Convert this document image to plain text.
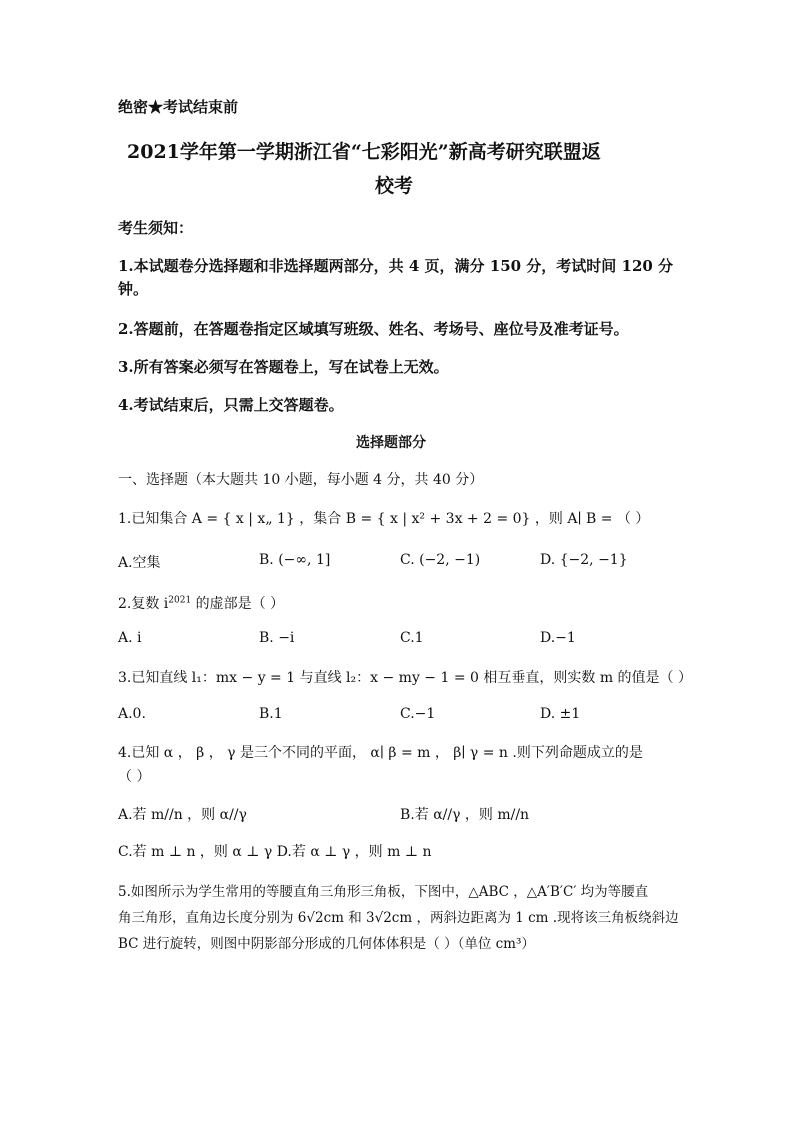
绝密★考试结束前
2021学年第一学期浙江省“七彩阳光”新高考研究联盟返
校考
考生须知：
1.本试题卷分选择题和非选择题两部分，共 4 页，满分 150 分，考试时间 120 分
钟。
2.答题前，在答题卷指定区域填写班级、姓名、考场号、座位号及准考证号。
3.所有答案必须写在答题卷上，写在试卷上无效。
4.考试结束后，只需上交答题卷。
选择题部分
一、选择题（本大题共 10 小题，每小题 4 分，共 40 分）
1.已知集合 A = { x | x„ 1} ，集合 B = { x | x² + 3x + 2 = 0} ，则 A∣ B = （ ）
A.空集	B. (−∞, 1]	C. (−2, −1)	D. {−2, −1}
2.复数 $i^{2021}$ 的虚部是（ ）
A. i	B. −i	C.1	D.−1
3.已知直线 l₁：mx − y = 1 与直线 l₂：x − my − 1 = 0 相互垂直，则实数 m 的值是（ ）
A.0.	B.1	C.−1	D. ±1
4.已知 α ， β ， γ 是三个不同的平面， α∣ β = m ， β∣ γ = n .则下列命题成立的是
（ ）
A.若 m//n ，则 α//γ	B.若 α//γ ，则 m//n
C.若 m ⊥ n ，则 α ⊥ γ D.若 α ⊥ γ ，则 m ⊥ n
5.如图所示为学生常用的等腰直角三角形三角板，下图中，△ABC ，△A′B′C′ 均为等腰直
角三角形，直角边长度分别为 6√2cm 和 3√2cm ，两斜边距离为 1 cm .现将该三角板绕斜边
BC 进行旋转，则图中阴影部分形成的几何体体积是（ ）（单位 cm³）
